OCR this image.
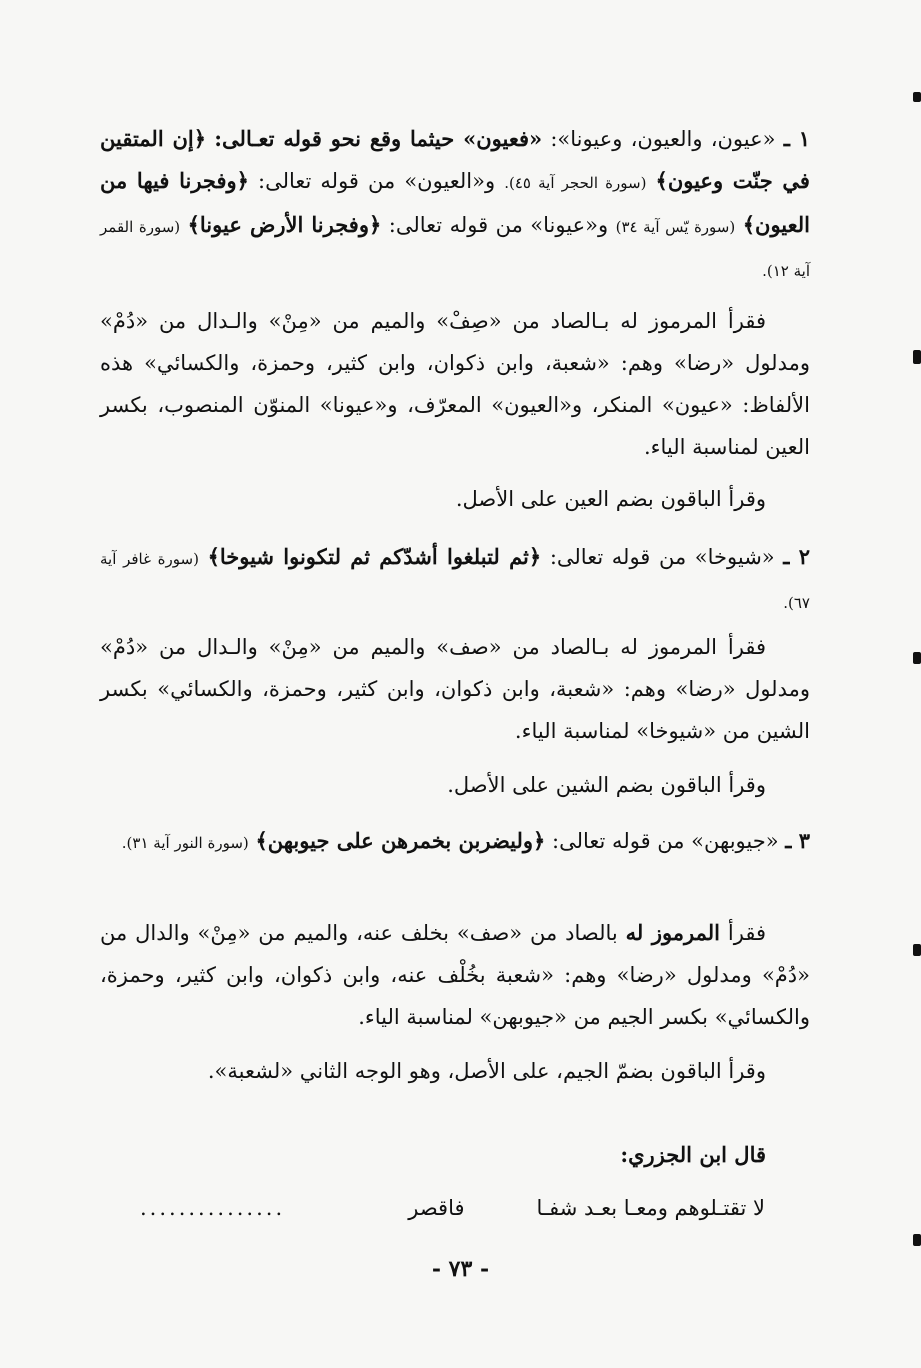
١ ـ «عيون، والعيون، وعيونا»: «فعيون» حيثما وقع نحو قوله تعـالى: ﴿إن المتقين في جنّت وعيون﴾ (سورة الحجر آية ٤٥). و«العيون» من قوله تعالى: ﴿وفجرنا فيها من العيون﴾ (سورة يّس آية ٣٤) و«عيونا» من قوله تعالى: ﴿وفجرنا الأرض عيونا﴾ (سورة القمر آية ١٢).
فقرأ المرموز له بـالصاد من «صِفْ» والميم من «مِنْ» والـدال من «دُمْ» ومدلول «رضا» وهم: «شعبة، وابن ذكوان، وابن كثير، وحمزة، والكسائي» هذه الألفاظ: «عيون» المنكر، و«العيون» المعرّف، و«عيونا» المنوّن المنصوب، بكسر العين لمناسبة الياء.
وقرأ الباقون بضم العين على الأصل.
٢ ـ «شيوخا» من قوله تعالى: ﴿ثم لتبلغوا أشدّكم ثم لتكونوا شيوخا﴾ (سورة غافر آية ٦٧).
فقرأ المرموز له بـالصاد من «صف» والميم من «مِنْ» والـدال من «دُمْ» ومدلول «رضا» وهم: «شعبة، وابن ذكوان، وابن كثير، وحمزة، والكسائي» بكسر الشين من «شيوخا» لمناسبة الياء.
وقرأ الباقون بضم الشين على الأصل.
٣ ـ «جيوبهن» من قوله تعالى: ﴿وليضربن بخمرهن على جيوبهن﴾ (سورة النور آية ٣١).
فقرأ المرموز له بالصاد من «صف» بخلف عنه، والميم من «مِنْ» والدال من «دُمْ» ومدلول «رضا» وهم: «شعبة بخُلْف عنه، وابن ذكوان، وابن كثير، وحمزة، والكسائي» بكسر الجيم من «جيوبهن» لمناسبة الياء.
وقرأ الباقون بضمّ الجيم، على الأصل، وهو الوجه الثاني «لشعبة».
قال ابن الجزري:
لا تقتـلوهم ومعـا بعـد شفـا
فاقصر
...............
- ٧٣ -
